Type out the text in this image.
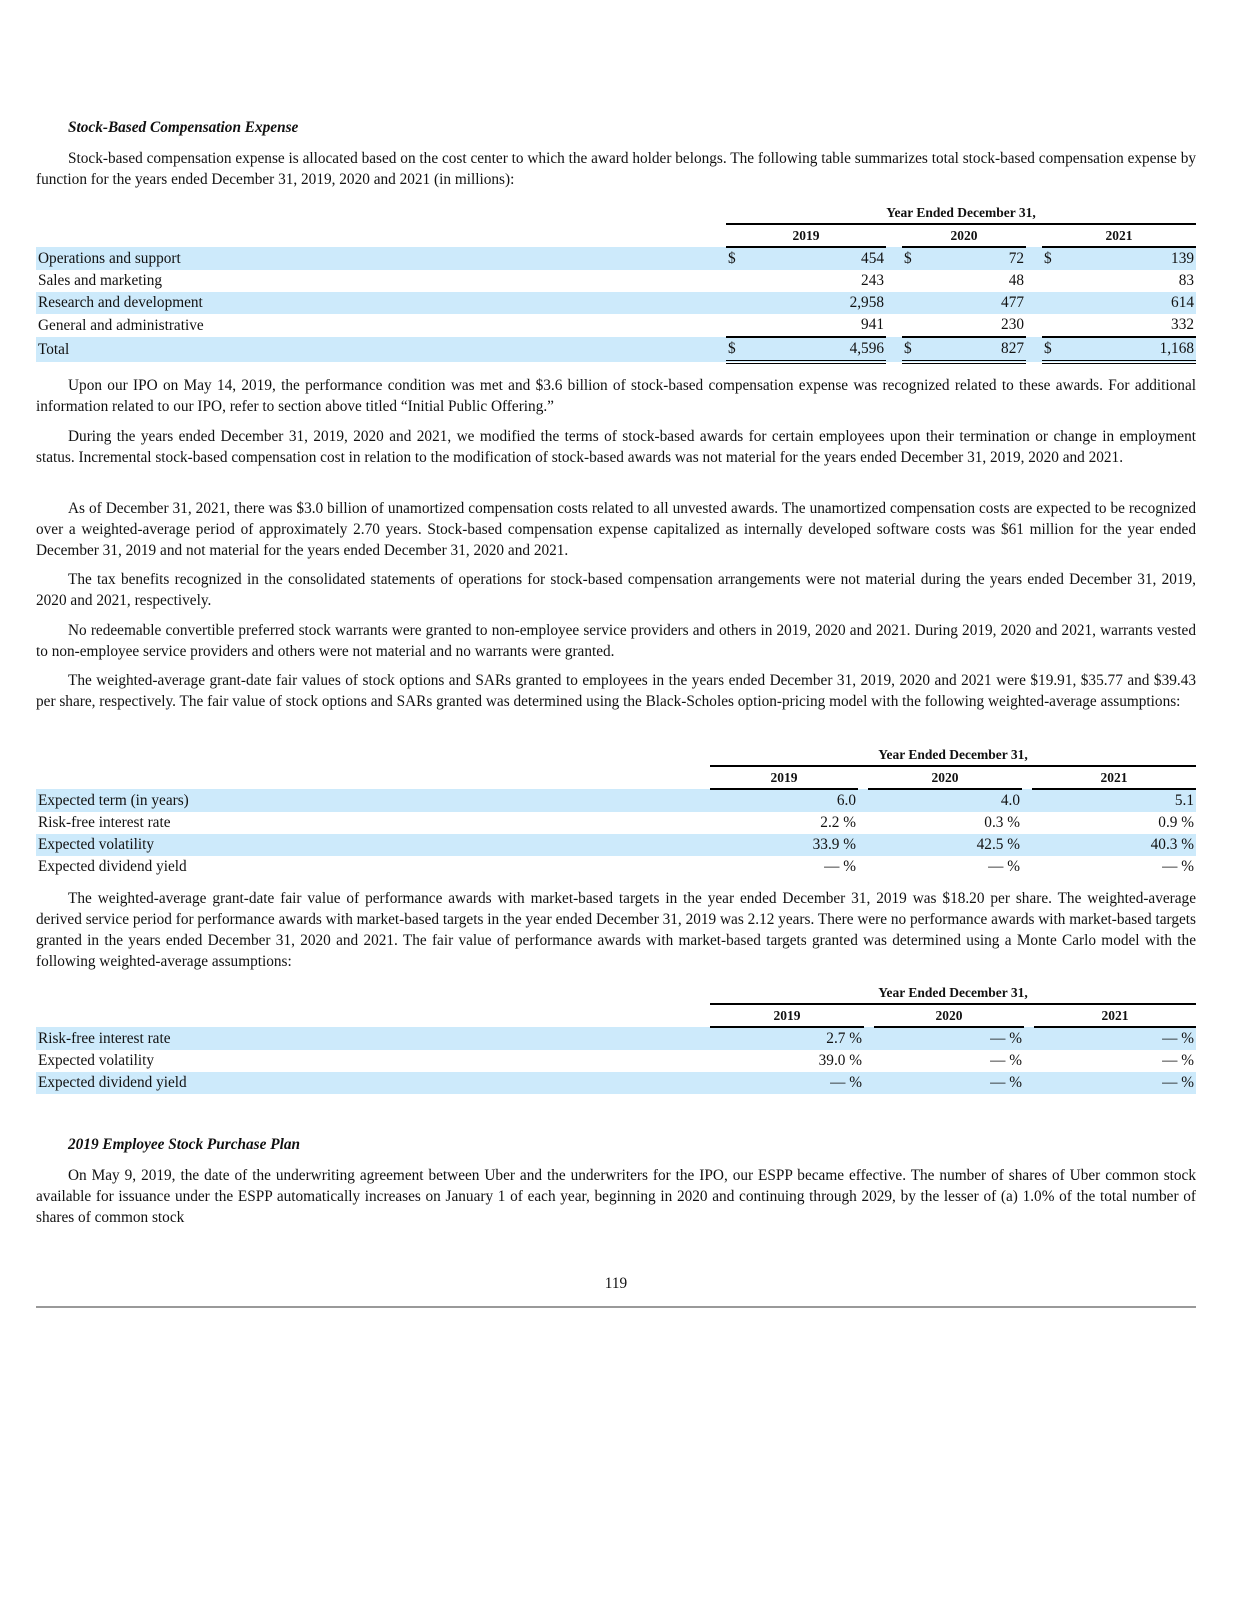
Stock-Based Compensation Expense

Stock-based compensation expense is allocated based on the cost center to which the award holder belongs. The following table summarizes total stock-based compensation expense by function for the years ended December 31, 2019, 2020 and 2021 (in millions):

	Year Ended December 31,							
	2019			2020			2021	
Operations and support	$	454		$	72		$	139
Sales and marketing		243			48			83
Research and development		2,958			477			614
General and administrative		941			230			332
Total	$	4,596		$	827		$	1,168

Upon our IPO on May 14, 2019, the performance condition was met and $3.6 billion of stock-based compensation expense was recognized related to these awards. For additional information related to our IPO, refer to section above titled “Initial Public Offering.”

During the years ended December 31, 2019, 2020 and 2021, we modified the terms of stock-based awards for certain employees upon their termination or change in employment status. Incremental stock-based compensation cost in relation to the modification of stock-based awards was not material for the years ended December 31, 2019, 2020 and 2021.

As of December 31, 2021, there was $3.0 billion of unamortized compensation costs related to all unvested awards. The unamortized compensation costs are expected to be recognized over a weighted-average period of approximately 2.70 years. Stock-based compensation expense capitalized as internally developed software costs was $61 million for the year ended December 31, 2019 and not material for the years ended December 31, 2020 and 2021.

The tax benefits recognized in the consolidated statements of operations for stock-based compensation arrangements were not material during the years ended December 31, 2019, 2020 and 2021, respectively.

No redeemable convertible preferred stock warrants were granted to non-employee service providers and others in 2019, 2020 and 2021. During 2019, 2020 and 2021, warrants vested to non-employee service providers and others were not material and no warrants were granted.

The weighted-average grant-date fair values of stock options and SARs granted to employees in the years ended December 31, 2019, 2020 and 2021 were $19.91, $35.77 and $39.43 per share, respectively. The fair value of stock options and SARs granted was determined using the Black-Scholes option-pricing model with the following weighted-average assumptions:

	Year Ended December 31,				
	2019		2020		2021
Expected term (in years)	6.0		4.0		5.1
Risk-free interest rate	2.2 %		0.3 %		0.9 %
Expected volatility	33.9 %		42.5 %		40.3 %
Expected dividend yield	— %		— %		— %

The weighted-average grant-date fair value of performance awards with market-based targets in the year ended December 31, 2019 was $18.20 per share. The weighted-average derived service period for performance awards with market-based targets in the year ended December 31, 2019 was 2.12 years. There were no performance awards with market-based targets granted in the years ended December 31, 2020 and 2021. The fair value of performance awards with market-based targets granted was determined using a Monte Carlo model with the following weighted-average assumptions:

	Year Ended December 31,				
	2019		2020		2021
Risk-free interest rate	2.7 %		— %		— %
Expected volatility	39.0 %		— %		— %
Expected dividend yield	— %		— %		— %
2019 Employee Stock Purchase Plan

On May 9, 2019, the date of the underwriting agreement between Uber and the underwriters for the IPO, our ESPP became effective. The number of shares of Uber common stock available for issuance under the ESPP automatically increases on January 1 of each year, beginning in 2020 and continuing through 2029, by the lesser of (a) 1.0% of the total number of shares of common stock

119
